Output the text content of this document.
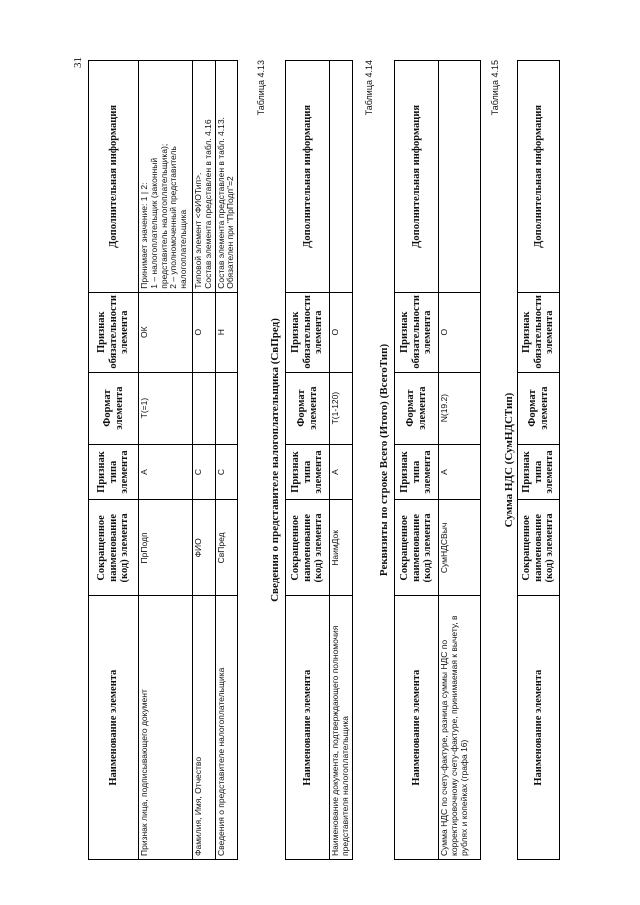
31
Наименование элемента	Сокращенное наименование (код) элемента	Признак типа элемента	Формат элемента	Признак обязательности элемента	Дополнительная информация
Признак лица, подписывающего документ	ПрПодп	А	T(=1)	ОК	Принимает значение: 1 | 2: 1 – налогоплательщик (законный представитель налогоплательщика); 2 – уполномоченный представитель налогоплательщика

Фамилия, Имя, Отчество	ФИО	С		О	Типовой элемент <ФИОТип>. Состав элемента представлен в табл. 4.16

Сведения о представителе налогоплательщика	СвПред	С		Н	Состав элемента представлен в табл. 4.13. Обязателен при "ПрПодп"=2
Таблица 4.13
Сведения о представителе налогоплательщика (СвПред)
Наименование элемента	Сокращенное наименование (код) элемента	Признак типа элемента	Формат элемента	Признак обязательности элемента	Дополнительная информация
Наименование документа, подтверждающего полномочия представителя налогоплательщика	НаимДок	А	T(1-120)	О	
Таблица 4.14
Реквизиты по строке Всего (Итого) (ВсегоТип)
Наименование элемента	Сокращенное наименование (код) элемента	Признак типа элемента	Формат элемента	Признак обязательности элемента	Дополнительная информация
Сумма НДС по счету-фактуре, разница суммы НДС по корректировочному счету-фактуре, принимаемая к вычету, в рублях и копейках (графа 16)	СумНДСВыч	А	N(19.2)	О	
Таблица 4.15
Сумма НДС (СумНДСТип)
Наименование элемента	Сокращенное наименование (код) элемента	Признак типа элемента	Формат элемента	Признак обязательности элемента	Дополнительная информация
